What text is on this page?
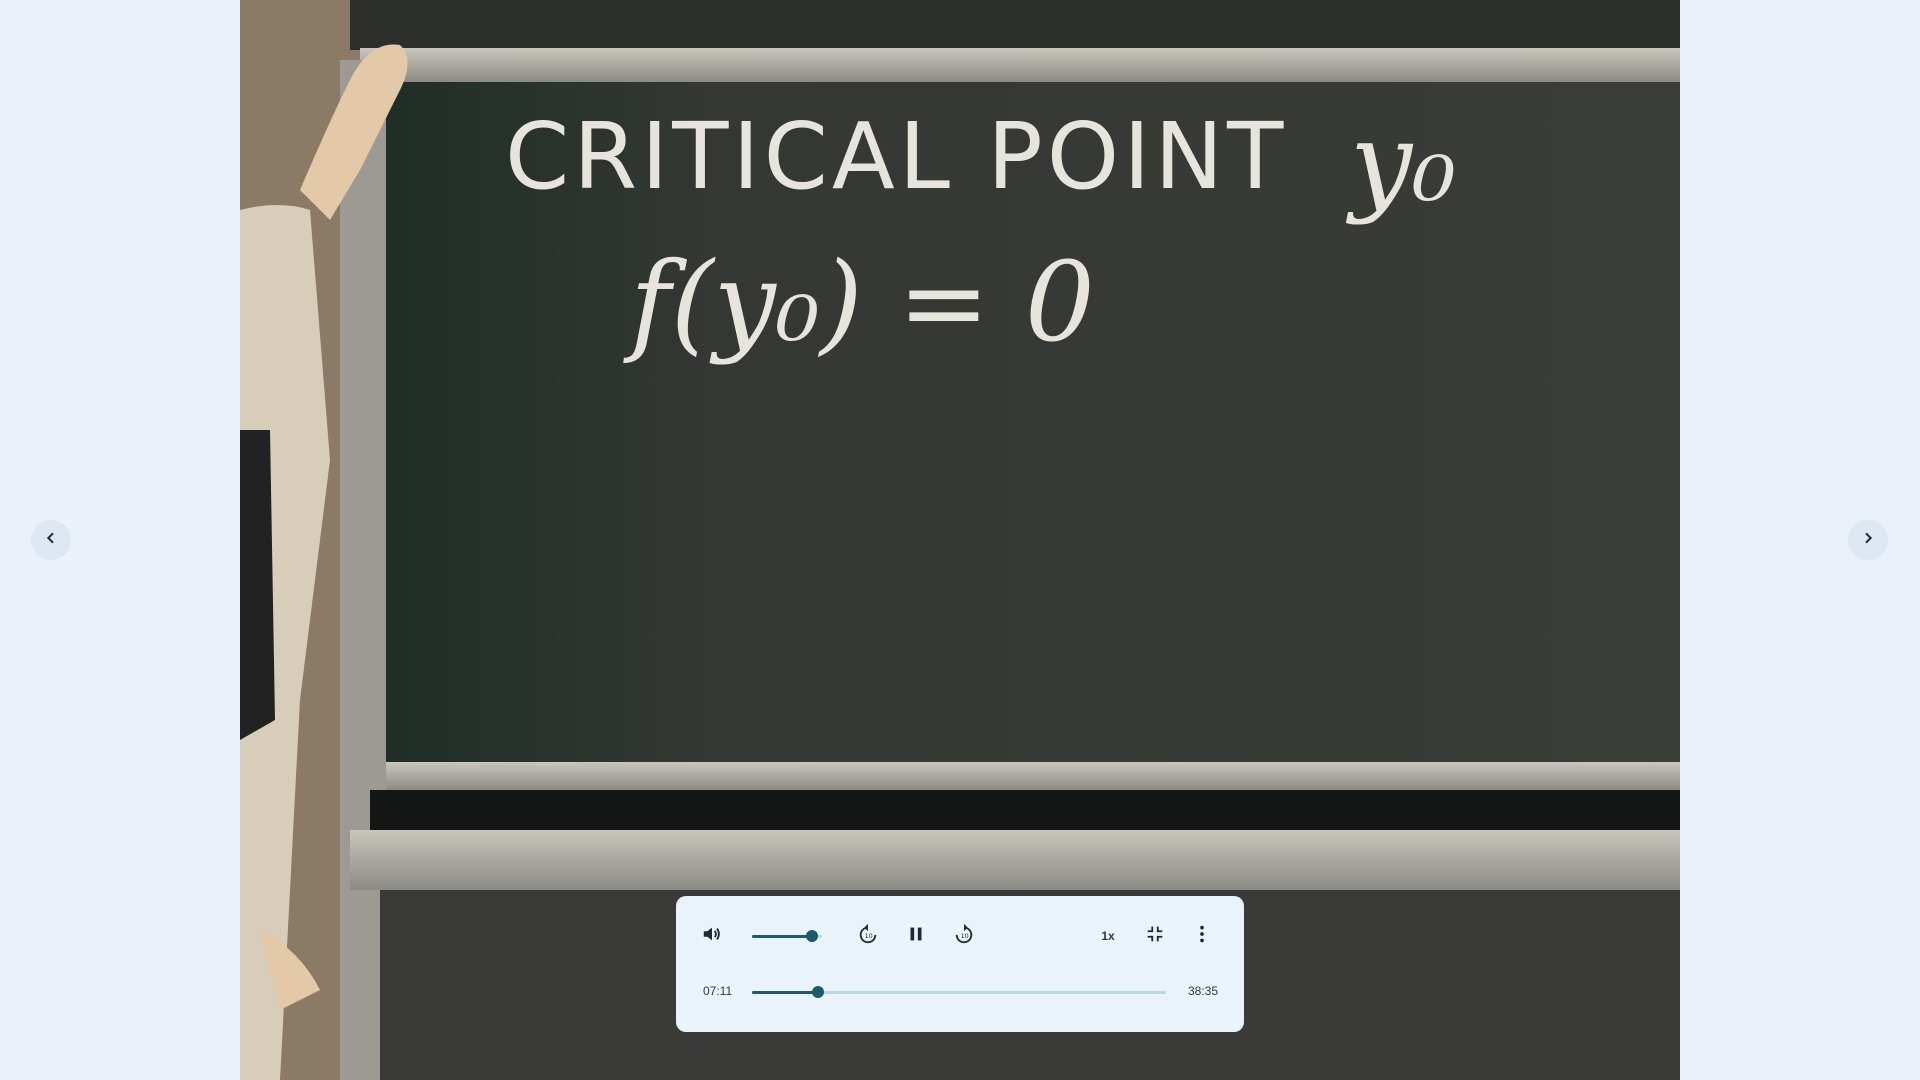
CRITICAL POINT y₀
f(y₀) = 0
10	10	1x
07:11	38:35
